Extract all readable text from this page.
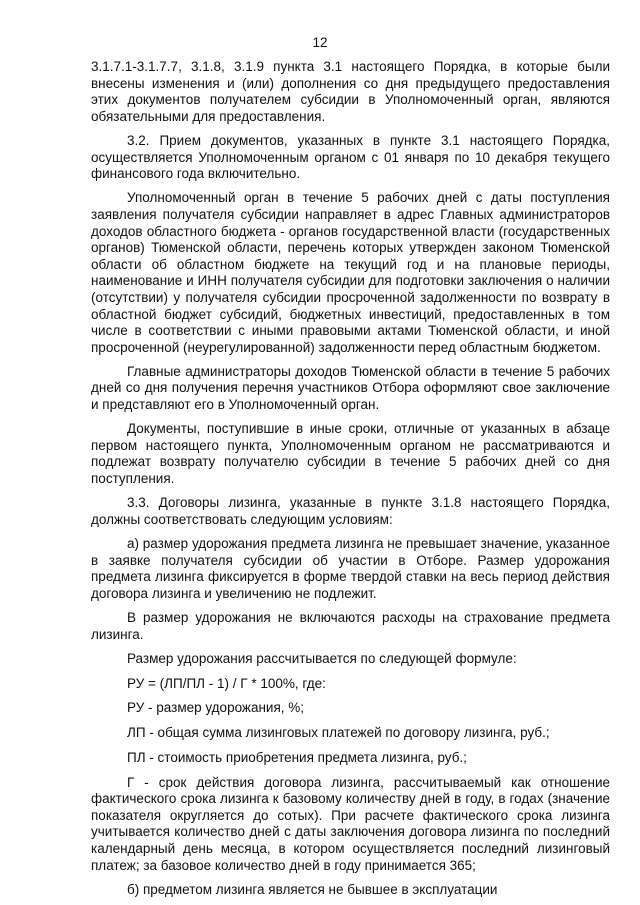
12

3.1.7.1-3.1.7.7, 3.1.8, 3.1.9 пункта 3.1 настоящего Порядка, в которые были внесены изменения и (или) дополнения со дня предыдущего предоставления этих документов получателем субсидии в Уполномоченный орган, являются обязательными для предоставления.

3.2. Прием документов, указанных в пункте 3.1 настоящего Порядка, осуществляется Уполномоченным органом с 01 января по 10 декабря текущего финансового года включительно.

Уполномоченный орган в течение 5 рабочих дней с даты поступления заявления получателя субсидии направляет в адрес Главных администраторов доходов областного бюджета - органов государственной власти (государственных органов) Тюменской области, перечень которых утвержден законом Тюменской области об областном бюджете на текущий год и на плановые периоды, наименование и ИНН получателя субсидии для подготовки заключения о наличии (отсутствии) у получателя субсидии просроченной задолженности по возврату в областной бюджет субсидий, бюджетных инвестиций, предоставленных в том числе в соответствии с иными правовыми актами Тюменской области, и иной просроченной (неурегулированной) задолженности перед областным бюджетом.

Главные администраторы доходов Тюменской области в течение 5 рабочих дней со дня получения перечня участников Отбора оформляют свое заключение и представляют его в Уполномоченный орган.

Документы, поступившие в иные сроки, отличные от указанных в абзаце первом настоящего пункта, Уполномоченным органом не рассматриваются и подлежат возврату получателю субсидии в течение 5 рабочих дней со дня поступления.

3.3. Договоры лизинга, указанные в пункте 3.1.8 настоящего Порядка, должны соответствовать следующим условиям:

а) размер удорожания предмета лизинга не превышает значение, указанное в заявке получателя субсидии об участии в Отборе. Размер удорожания предмета лизинга фиксируется в форме твердой ставки на весь период действия договора лизинга и увеличению не подлежит.

В размер удорожания не включаются расходы на страхование предмета лизинга.

Размер удорожания рассчитывается по следующей формуле:

РУ = (ЛП/ПЛ - 1) / Г * 100%, где:

РУ - размер удорожания, %;

ЛП - общая сумма лизинговых платежей по договору лизинга, руб.;

ПЛ - стоимость приобретения предмета лизинга, руб.;

Г - срок действия договора лизинга, рассчитываемый как отношение фактического срока лизинга к базовому количеству дней в году, в годах (значение показателя округляется до сотых). При расчете фактического срока лизинга учитывается количество дней с даты заключения договора лизинга по последний календарный день месяца, в котором осуществляется последний лизинговый платеж; за базовое количество дней в году принимается 365;

б) предметом лизинга является не бывшее в эксплуатации
